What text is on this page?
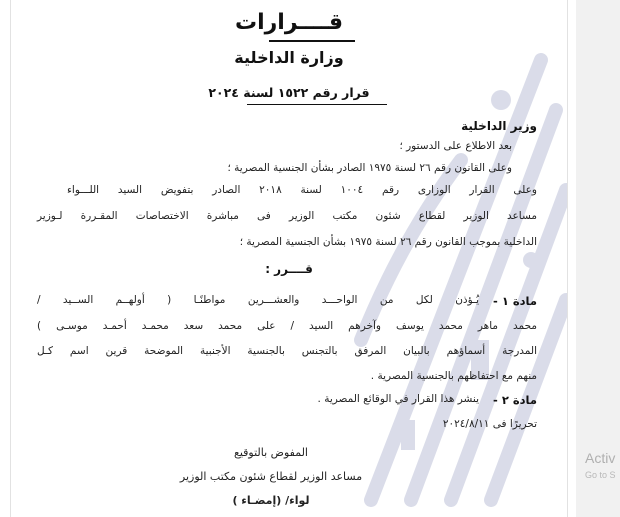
قــــرارات
وزارة الداخلية
قرار رقم ١٥٢٢ لسنة ٢٠٢٤
وزير الداخلية
بعد الاطلاع على الدستور ؛
وعلى القانون رقم ٢٦ لسنة ١٩٧٥ الصادر بشأن الجنسية المصرية ؛
وعلى القرار الوزارى رقم ١٠٠٤ لسنة ٢٠١٨ الصادر بتفويض السيد اللـــواء
مساعد الوزير لقطاع شئون مكتب الوزير فى مباشرة الاختصاصات المقـررة لـوزير
الداخلية بموجب القانون رقم ٢٦ لسنة ١٩٧٥ بشأن الجنسية المصرية ؛
قــــرر :
مادة ١ -
يُـؤذن لكل من الواحـــد والعشـــرين مواطنًـا ( أولهــم الســيد /
محمد ماهر محمد يوسف وآخرهم السيد / على محمد سعد محمـد أحمـد موسـى )
المدرجة أسماؤهم بالبيان المرفق بالتجنس بالجنسية الأجنبية الموضحة قرين اسم كـل
منهم مع احتفاظهم بالجنسية المصرية .
مادة ٢ -
ينشر هذا القرار في الوقائع المصرية .
تحريرًا فى ٢٠٢٤/٨/١١
المفوض بالتوقيع
مساعد الوزير لقطاع شئون مكتب الوزير
لواء/ (إمضـاء )
Activ
Go to S
